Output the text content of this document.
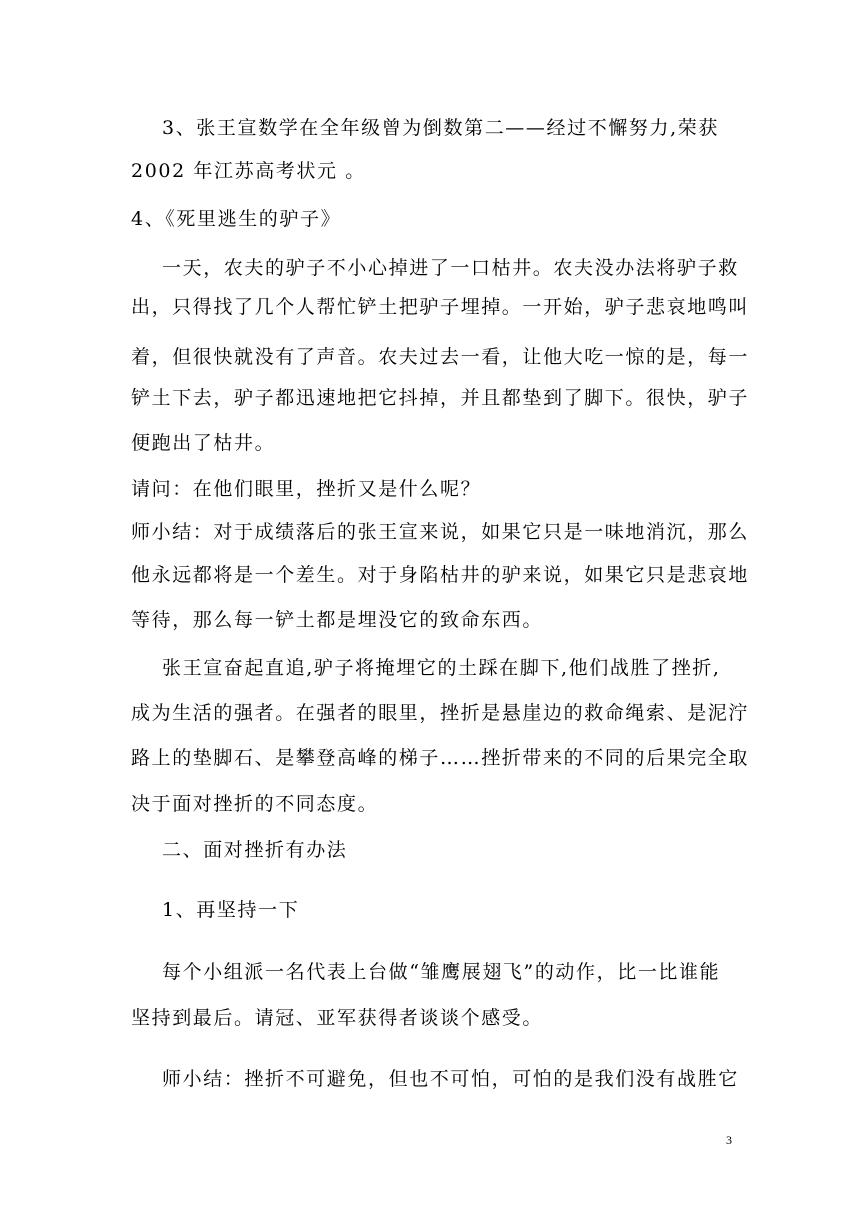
3、张王宣数学在全年级曾为倒数第二——经过不懈努力,荣获
2002 年江苏高考状元 。
4、《死里逃生的驴子》
一天，农夫的驴子不小心掉进了一口枯井。农夫没办法将驴子救
出，只得找了几个人帮忙铲土把驴子埋掉。一开始，驴子悲哀地鸣叫
着，但很快就没有了声音。农夫过去一看，让他大吃一惊的是，每一
铲土下去，驴子都迅速地把它抖掉，并且都垫到了脚下。很快，驴子
便跑出了枯井。
请问：在他们眼里，挫折又是什么呢？
师小结：对于成绩落后的张王宣来说，如果它只是一味地消沉，那么
他永远都将是一个差生。对于身陷枯井的驴来说，如果它只是悲哀地
等待，那么每一铲土都是埋没它的致命东西。
张王宣奋起直追,驴子将掩埋它的土踩在脚下,他们战胜了挫折,
成为生活的强者。在强者的眼里，挫折是悬崖边的救命绳索、是泥泞
路上的垫脚石、是攀登高峰的梯子……挫折带来的不同的后果完全取
决于面对挫折的不同态度。
二、面对挫折有办法
1、再坚持一下
每个小组派一名代表上台做“雏鹰展翅飞”的动作，比一比谁能
坚持到最后。请冠、亚军获得者谈谈个感受。
师小结：挫折不可避免，但也不可怕，可怕的是我们没有战胜它
3
